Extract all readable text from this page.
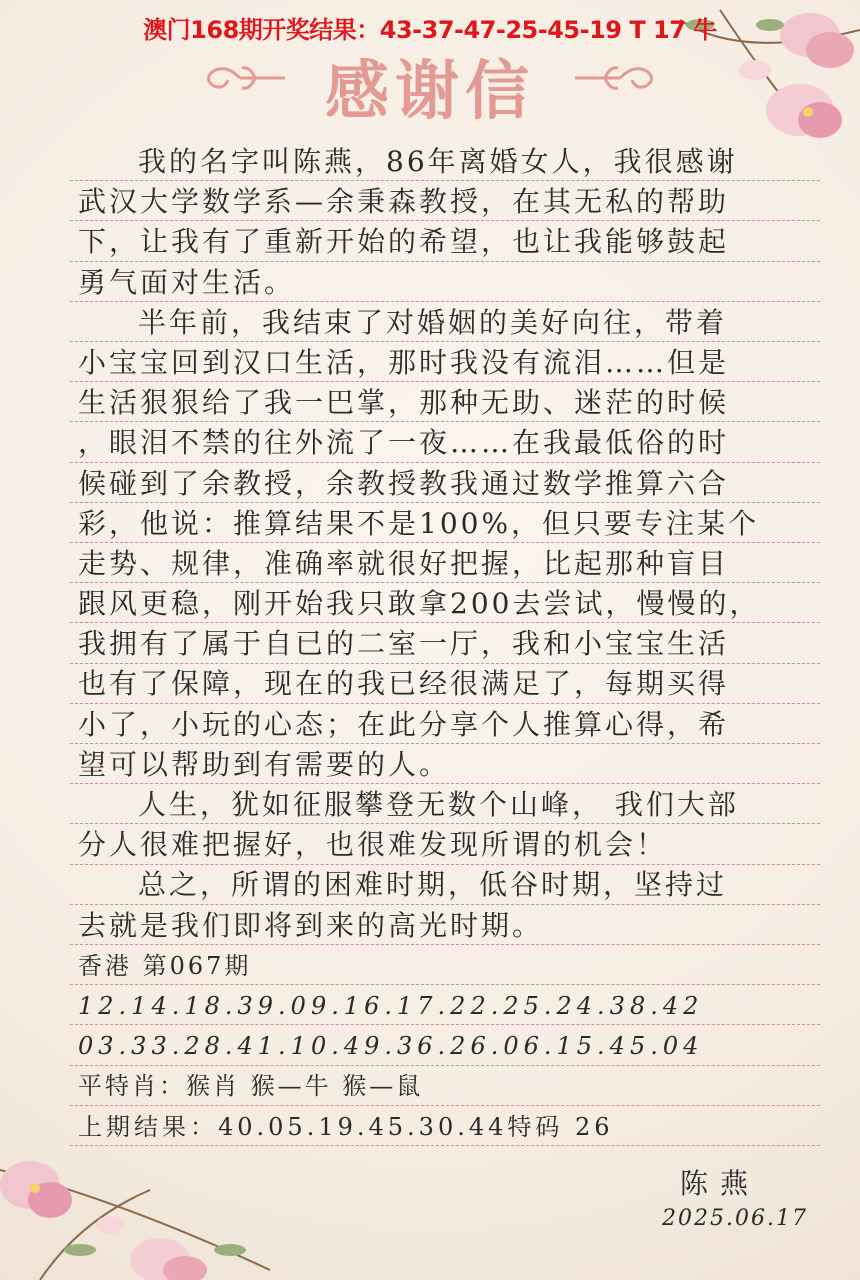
澳门168期开奖结果：43-37-47-25-45-19 T 17 牛
感谢信
我的名字叫陈燕，86年离婚女人，我很感谢
武汉大学数学系—余秉森教授，在其无私的帮助
下，让我有了重新开始的希望，也让我能够鼓起
勇气面对生活。
半年前，我结束了对婚姻的美好向往，带着
小宝宝回到汉口生活，那时我没有流泪……但是
生活狠狠给了我一巴掌，那种无助、迷茫的时候
，眼泪不禁的往外流了一夜……在我最低俗的时
候碰到了余教授，余教授教我通过数学推算六合
彩，他说：推算结果不是100%，但只要专注某个
走势、规律，准确率就很好把握，比起那种盲目
跟风更稳，刚开始我只敢拿200去尝试，慢慢的，
我拥有了属于自已的二室一厅，我和小宝宝生活
也有了保障，现在的我已经很满足了，每期买得
小了，小玩的心态；在此分享个人推算心得，希
望可以帮助到有需要的人。
人生，犹如征服攀登无数个山峰， 我们大部
分人很难把握好，也很难发现所谓的机会！
总之，所谓的困难时期，低谷时期，坚持过
去就是我们即将到来的高光时期。
香港 第067期
12.14.18.39.09.16.17.22.25.24.38.42
03.33.28.41.10.49.36.26.06.15.45.04
平特肖：猴肖 猴—牛 猴—鼠
上期结果：40.05.19.45.30.44特码 26
陈燕
2025.06.17
